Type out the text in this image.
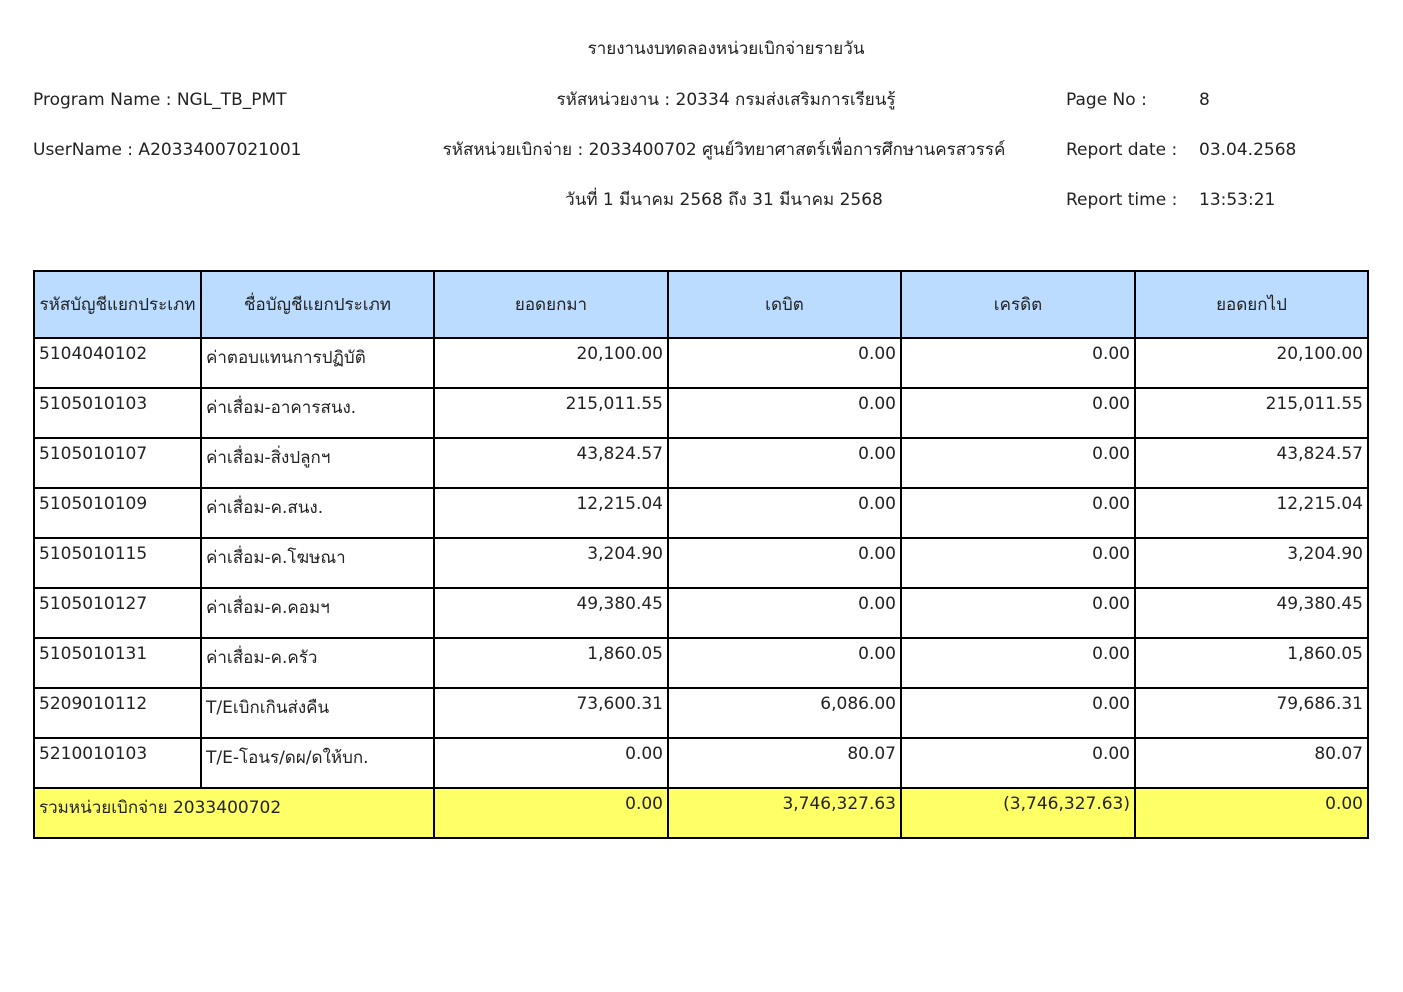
รายงานงบทดลองหน่วยเบิกจ่ายรายวัน
Program Name : NGL_TB_PMT
UserName : A20334007021001
รหัสหน่วยงาน : 20334 กรมส่งเสริมการเรียนรู้
รหัสหน่วยเบิกจ่าย : 2033400702 ศูนย์วิทยาศาสตร์เพื่อการศึกษานครสวรรค์
วันที่ 1 มีนาคม 2568 ถึง 31 มีนาคม 2568
Page No :	8
Report date : 03.04.2568
Report time : 13:53:21
รหัสบัญชีแยกประเภท	ชื่อบัญชีแยกประเภท	ยอดยกมา	เดบิต	เครดิต	ยอดยกไป
5104040102	ค่าตอบแทนการปฏิบัติ	20,100.00	0.00	0.00	20,100.00
5105010103	ค่าเสื่อม-อาคารสนง.	215,011.55	0.00	0.00	215,011.55
5105010107	ค่าเสื่อม-สิ่งปลูกฯ	43,824.57	0.00	0.00	43,824.57
5105010109	ค่าเสื่อม-ค.สนง.	12,215.04	0.00	0.00	12,215.04
5105010115	ค่าเสื่อม-ค.โฆษณา	3,204.90	0.00	0.00	3,204.90
5105010127	ค่าเสื่อม-ค.คอมฯ	49,380.45	0.00	0.00	49,380.45
5105010131	ค่าเสื่อม-ค.ครัว	1,860.05	0.00	0.00	1,860.05
5209010112	T/Eเบิกเกินส่งคืน	73,600.31	6,086.00	0.00	79,686.31
5210010103	T/E-โอนร/ดผ/ดให้บก.	0.00	80.07	0.00	80.07
รวมหน่วยเบิกจ่าย 2033400702		0.00	3,746,327.63	(3,746,327.63)	0.00
